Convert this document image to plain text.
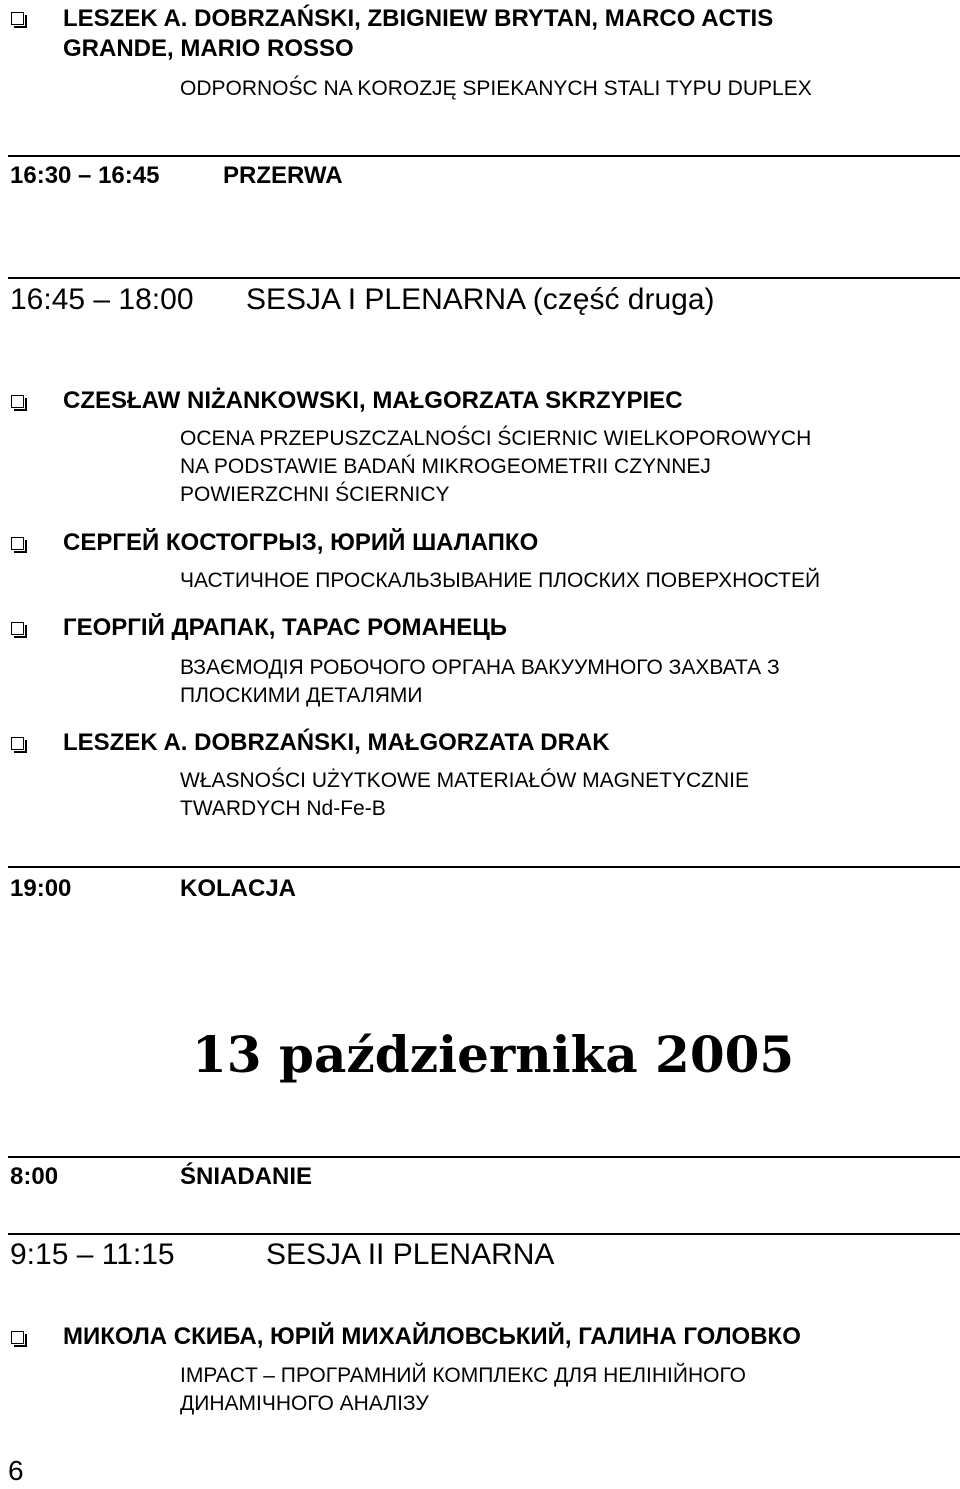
LESZEK A. DOBRZAŃSKI, ZBIGNIEW BRYTAN, MARCO ACTIS
GRANDE, MARIO ROSSO
ODPORNOŚC NA KOROZJĘ SPIEKANYCH STALI TYPU DUPLEX
16:30 – 16:45	PRZERWA
16:45 – 18:00 SESJA I PLENARNA (część druga)
CZESŁAW NIŻANKOWSKI, MAŁGORZATA SKRZYPIEC
OCENA PRZEPUSZCZALNOŚCI ŚCIERNIC WIELKOPOROWYCH
NA PODSTAWIE BADAŃ MIKROGEOMETRII CZYNNEJ
POWIERZCHNI ŚCIERNICY
СЕРГЕЙ КОСТОГРЫЗ, ЮРИЙ ШАЛАПКО
ЧАСТИЧНОЕ ПРОСКАЛЬЗЫВАНИЕ ПЛОСКИХ ПОВЕРХНОСТЕЙ
ГЕОРГІЙ ДРАПАК, ТАРАС РОМАНЕЦЬ
ВЗАЄМОДІЯ РОБОЧОГО ОРГАНА ВАКУУМНОГО ЗАХВАТА З
ПЛОСКИМИ ДЕТАЛЯМИ
LESZEK A. DOBRZAŃSKI, MAŁGORZATA DRAK
WŁASNOŚCI UŻYTKOWE MATERIAŁÓW MAGNETYCZNIE
TWARDYCH Nd-Fe-B
19:00	KOLACJA
13 października 2005
8:00	ŚNIADANIE
9:15 – 11:15	SESJA II PLENARNA
МИКОЛА СКИБА, ЮРІЙ МИХАЙЛОВСЬКИЙ, ГАЛИНА ГОЛОВКО
IMPACT – ПРОГРАМНИЙ КОМПЛЕКС ДЛЯ НЕЛІНІЙНОГО
ДИНАМІЧНОГО АНАЛІЗУ
6
